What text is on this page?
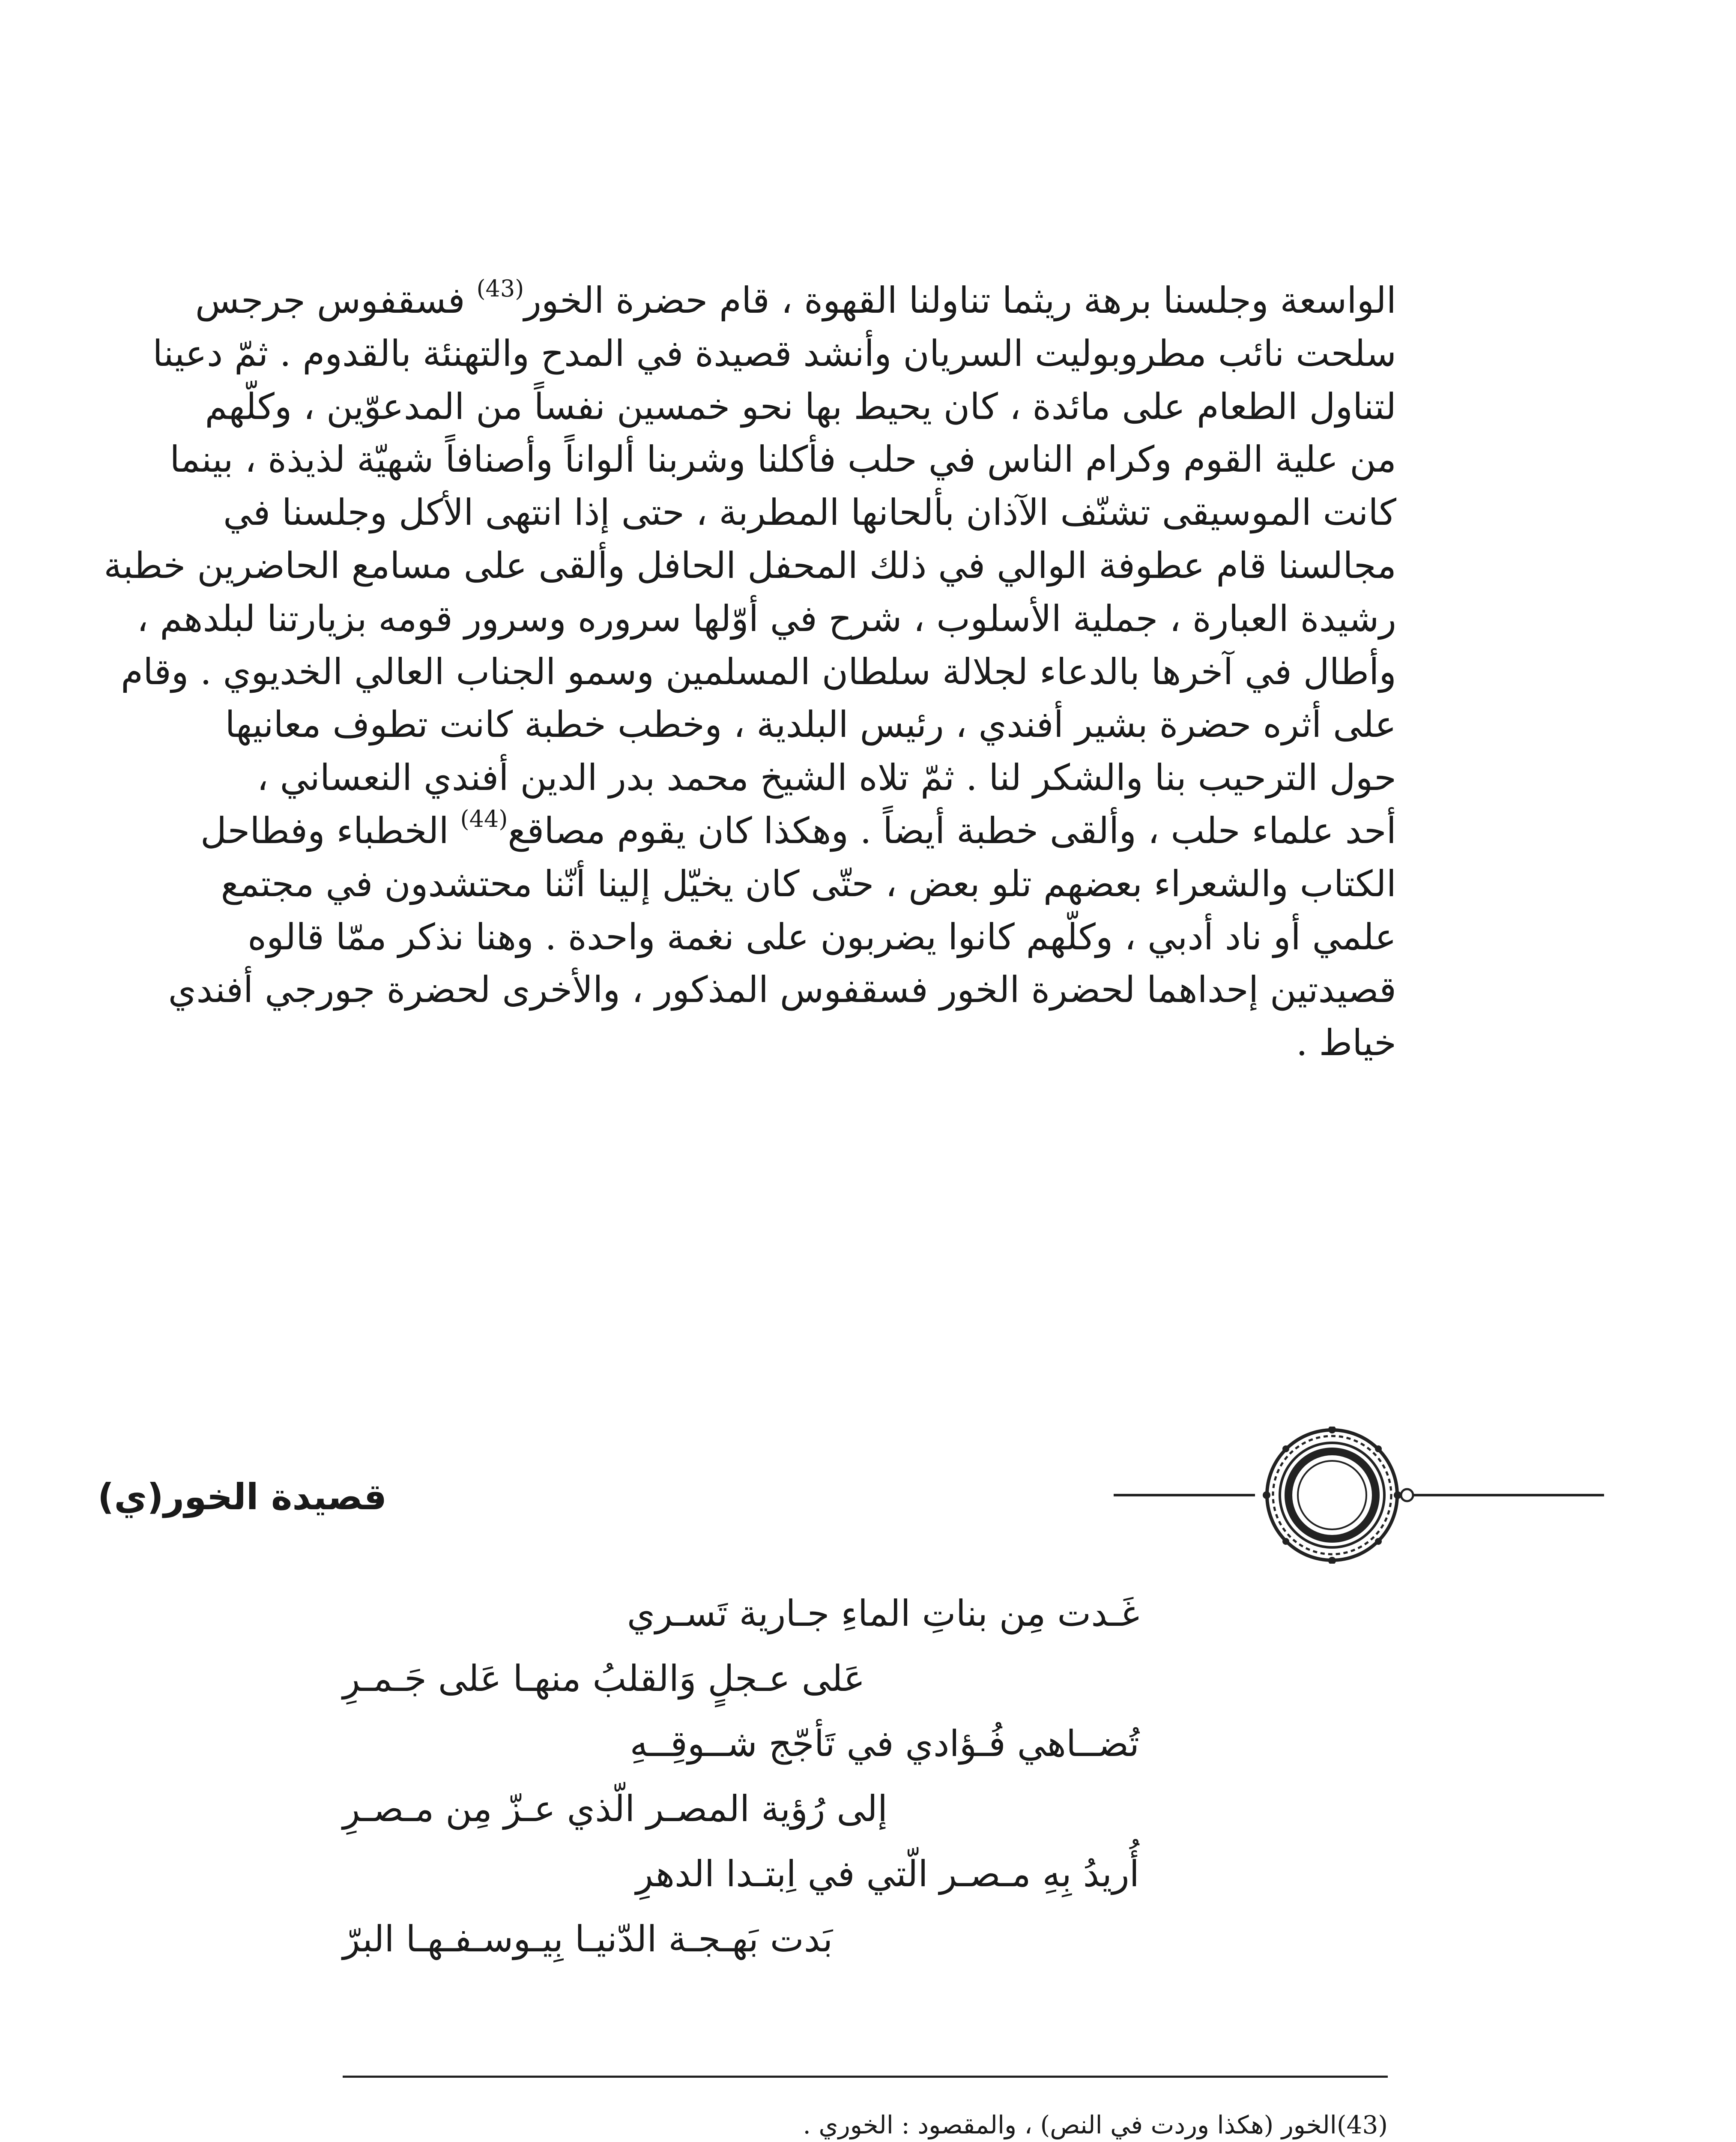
الواسعة وجلسنا برهة ريثما تناولنا القهوة ، قام حضرة الخور$^{(43)}$ فسقفوس جرجس
سلحت نائب مطروبوليت السريان وأنشد قصيدة في المدح والتهنئة بالقدوم . ثمّ دعينا
لتناول الطعام على مائدة ، كان يحيط بها نحو خمسين نفساً من المدعوّين ، وكلّهم
من علية القوم وكرام الناس في حلب فأكلنا وشربنا ألواناً وأصنافاً شهيّة لذيذة ، بينما
كانت الموسيقى تشنّف الآذان بألحانها المطربة ، حتى إذا انتهى الأكل وجلسنا في
مجالسنا قام عطوفة الوالي في ذلك المحفل الحافل وألقى على مسامع الحاضرين خطبة
رشيدة العبارة ، جملية الأسلوب ، شرح في أوّلها سروره وسرور قومه بزيارتنا لبلدهم ،
وأطال في آخرها بالدعاء لجلالة سلطان المسلمين وسمو الجناب العالي الخديوي . وقام
على أثره حضرة بشير أفندي ، رئيس البلدية ، وخطب خطبة كانت تطوف معانيها
حول الترحيب بنا والشكر لنا . ثمّ تلاه الشيخ محمد بدر الدين أفندي النعساني ،
أحد علماء حلب ، وألقى خطبة أيضاً . وهكذا كان يقوم مصاقع$^{(44)}$ الخطباء وفطاحل
الكتاب والشعراء بعضهم تلو بعض ، حتّى كان يخيّل إلينا أنّنا محتشدون في مجتمع
علمي أو ناد أدبي ، وكلّهم كانوا يضربون على نغمة واحدة . وهنا نذكر ممّا قالوه
قصيدتين إحداهما لحضرة الخور فسقفوس المذكور ، والأخرى لحضرة جورجي أفندي
خياط .
قصيدة الخور(ي)
غَـدت مِن بناتِ الماءِ جـارية تَسـري
عَلى عـجلٍ وَالقلبُ منهـا عَلى جَـمـرِ
تُضــاهي فُـؤادي في تَأجّج شــوقِــهِ
إلى رُؤية المصـر الّذي عـزّ مِن مـصـرِ
أُريدُ بِهِ مـصـر الّتي في اِبتـدا الدهرِ
بَدت بَهـجـة الدّنيـا بِيـوسـفـهـا البرّ
(43)الخور (هكذا وردت في النص) ، والمقصود : الخوري .
